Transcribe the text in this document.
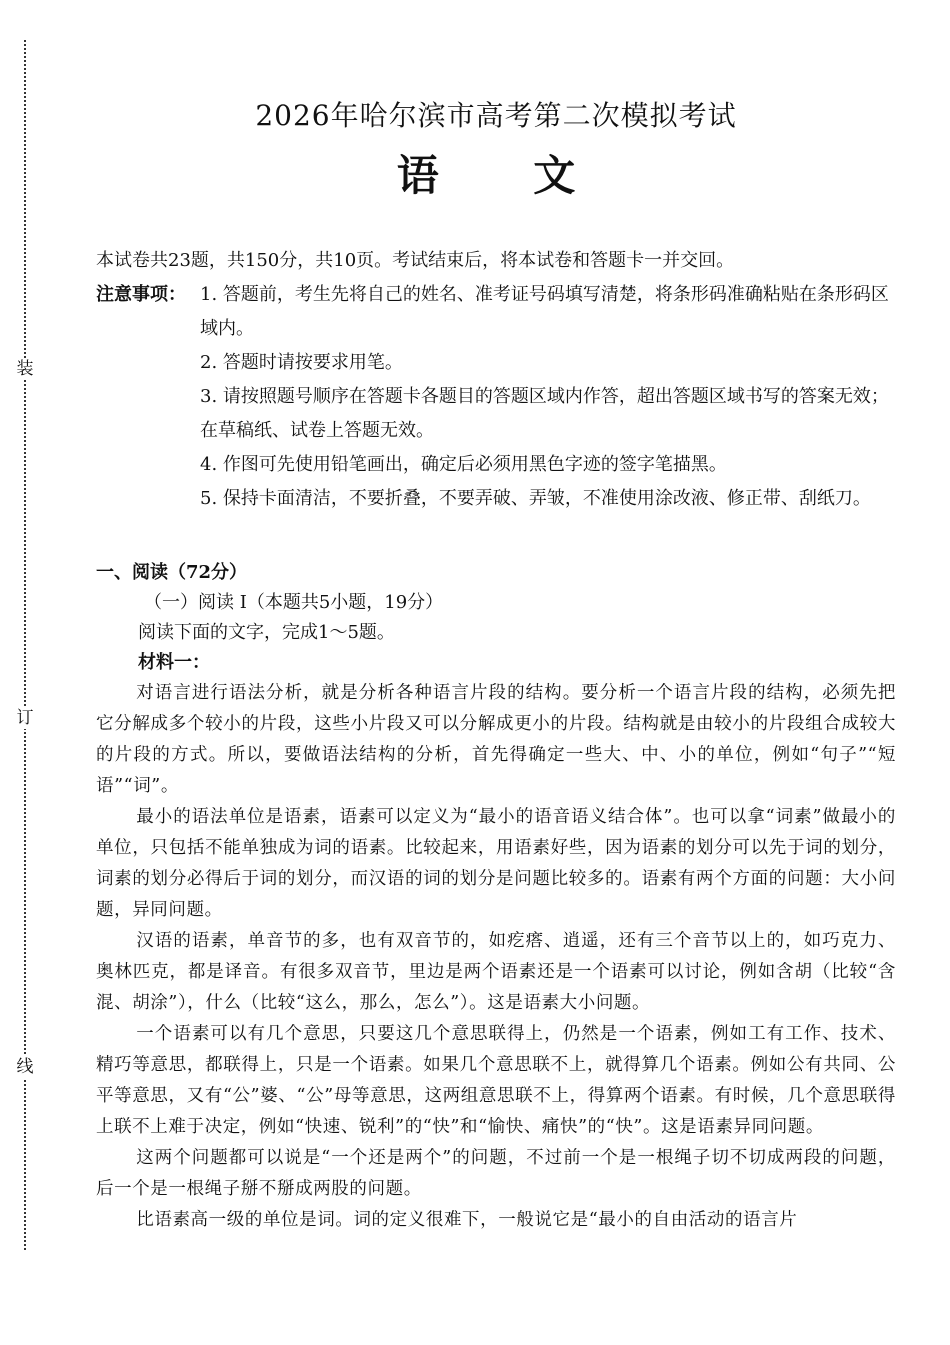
装
订
线
2026年哈尔滨市高考第二次模拟考试
语 文

本试卷共23题，共150分，共10页。考试结束后，将本试卷和答题卡一并交回。

注意事项： 1. 答题前，考生先将自己的姓名、准考证号码填写清楚，将条形码准确粘贴在条形码区域内。
2. 答题时请按要求用笔。
3. 请按照题号顺序在答题卡各题目的答题区域内作答，超出答题区域书写的答案无效；在草稿纸、试卷上答题无效。
4. 作图可先使用铅笔画出，确定后必须用黑色字迹的签字笔描黑。
5. 保持卡面清洁，不要折叠，不要弄破、弄皱，不准使用涂改液、修正带、刮纸刀。
一、阅读（72分）
（一）阅读 I（本题共5小题，19分）
阅读下面的文字，完成1～5题。
材料一：

对语言进行语法分析，就是分析各种语言片段的结构。要分析一个语言片段的结构，必须先把它分解成多个较小的片段，这些小片段又可以分解成更小的片段。结构就是由较小的片段组合成较大的片段的方式。所以，要做语法结构的分析，首先得确定一些大、中、小的单位，例如“句子”“短语”“词”。

最小的语法单位是语素，语素可以定义为“最小的语音语义结合体”。也可以拿“词素”做最小的单位，只包括不能单独成为词的语素。比较起来，用语素好些，因为语素的划分可以先于词的划分，词素的划分必得后于词的划分，而汉语的词的划分是问题比较多的。语素有两个方面的问题：大小问题，异同问题。

汉语的语素，单音节的多，也有双音节的，如疙瘩、逍遥，还有三个音节以上的，如巧克力、奥林匹克，都是译音。有很多双音节，里边是两个语素还是一个语素可以讨论，例如含胡（比较“含混、胡涂”），什么（比较“这么，那么，怎么”）。这是语素大小问题。

一个语素可以有几个意思，只要这几个意思联得上，仍然是一个语素，例如工有工作、技术、精巧等意思，都联得上，只是一个语素。如果几个意思联不上，就得算几个语素。例如公有共同、公平等意思，又有“公”婆、“公”母等意思，这两组意思联不上，得算两个语素。有时候，几个意思联得上联不上难于决定，例如“快速、锐利”的“快”和“愉快、痛快”的“快”。这是语素异同问题。

这两个问题都可以说是“一个还是两个”的问题，不过前一个是一根绳子切不切成两段的问题，后一个是一根绳子掰不掰成两股的问题。

比语素高一级的单位是词。词的定义很难下，一般说它是“最小的自由活动的语言片
